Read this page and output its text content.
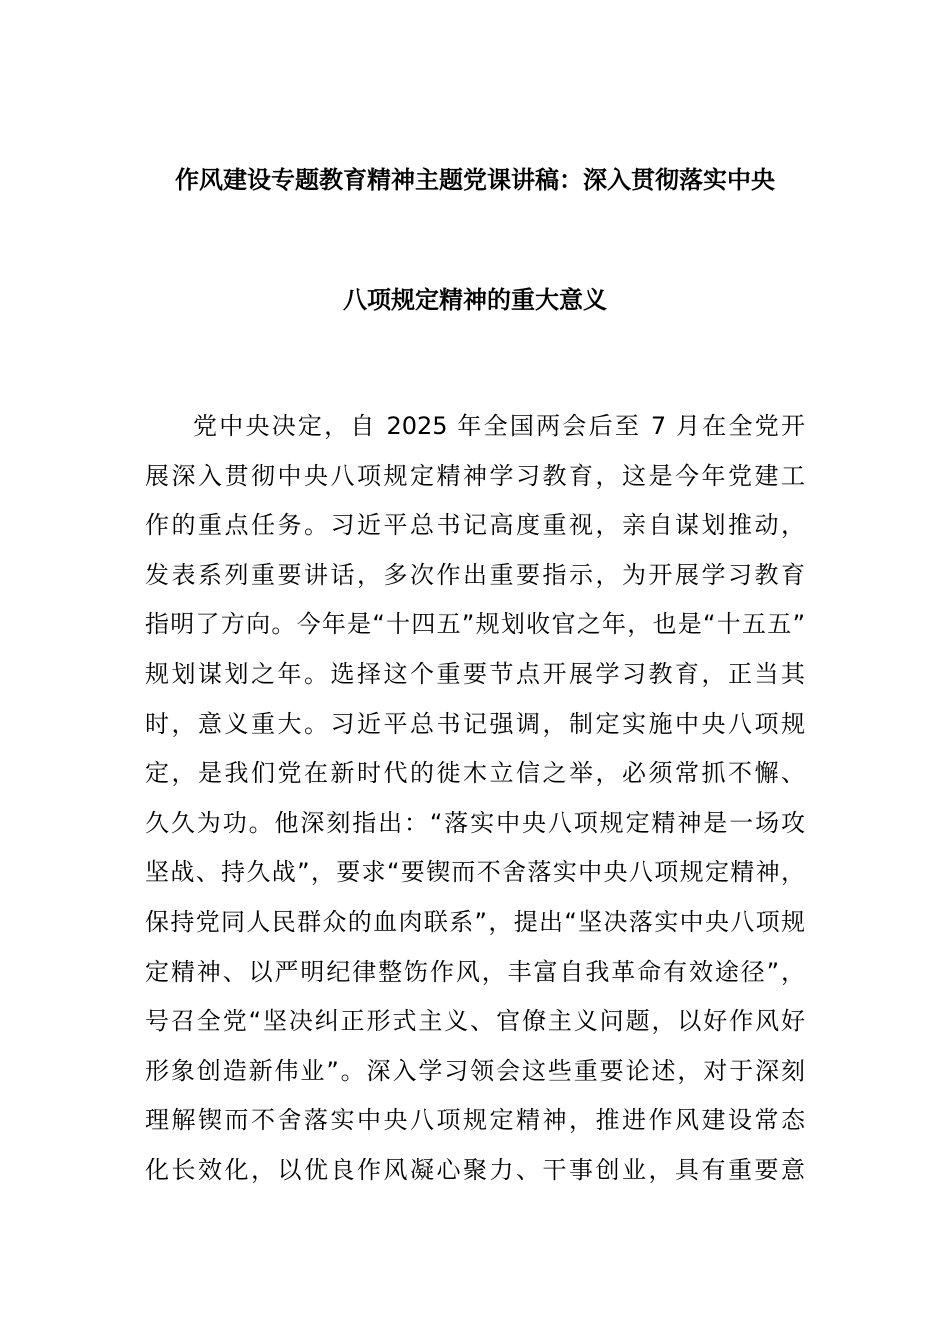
作风建设专题教育精神主题党课讲稿：深入贯彻落实中央
八项规定精神的重大意义
党中央决定，自 2025 年全国两会后至 7 月在全党开
展深入贯彻中央八项规定精神学习教育，这是今年党建工
作的重点任务。习近平总书记高度重视，亲自谋划推动，
发表系列重要讲话，多次作出重要指示，为开展学习教育
指明了方向。今年是“十四五”规划收官之年，也是“十五五”
规划谋划之年。选择这个重要节点开展学习教育，正当其
时，意义重大。习近平总书记强调，制定实施中央八项规
定，是我们党在新时代的徙木立信之举，必须常抓不懈、
久久为功。他深刻指出：“落实中央八项规定精神是一场攻
坚战、持久战”，要求“要锲而不舍落实中央八项规定精神，
保持党同人民群众的血肉联系”，提出“坚决落实中央八项规
定精神、以严明纪律整饬作风，丰富自我革命有效途径”，
号召全党“坚决纠正形式主义、官僚主义问题，以好作风好
形象创造新伟业”。深入学习领会这些重要论述，对于深刻
理解锲而不舍落实中央八项规定精神，推进作风建设常态
化长效化，以优良作风凝心聚力、干事创业，具有重要意
